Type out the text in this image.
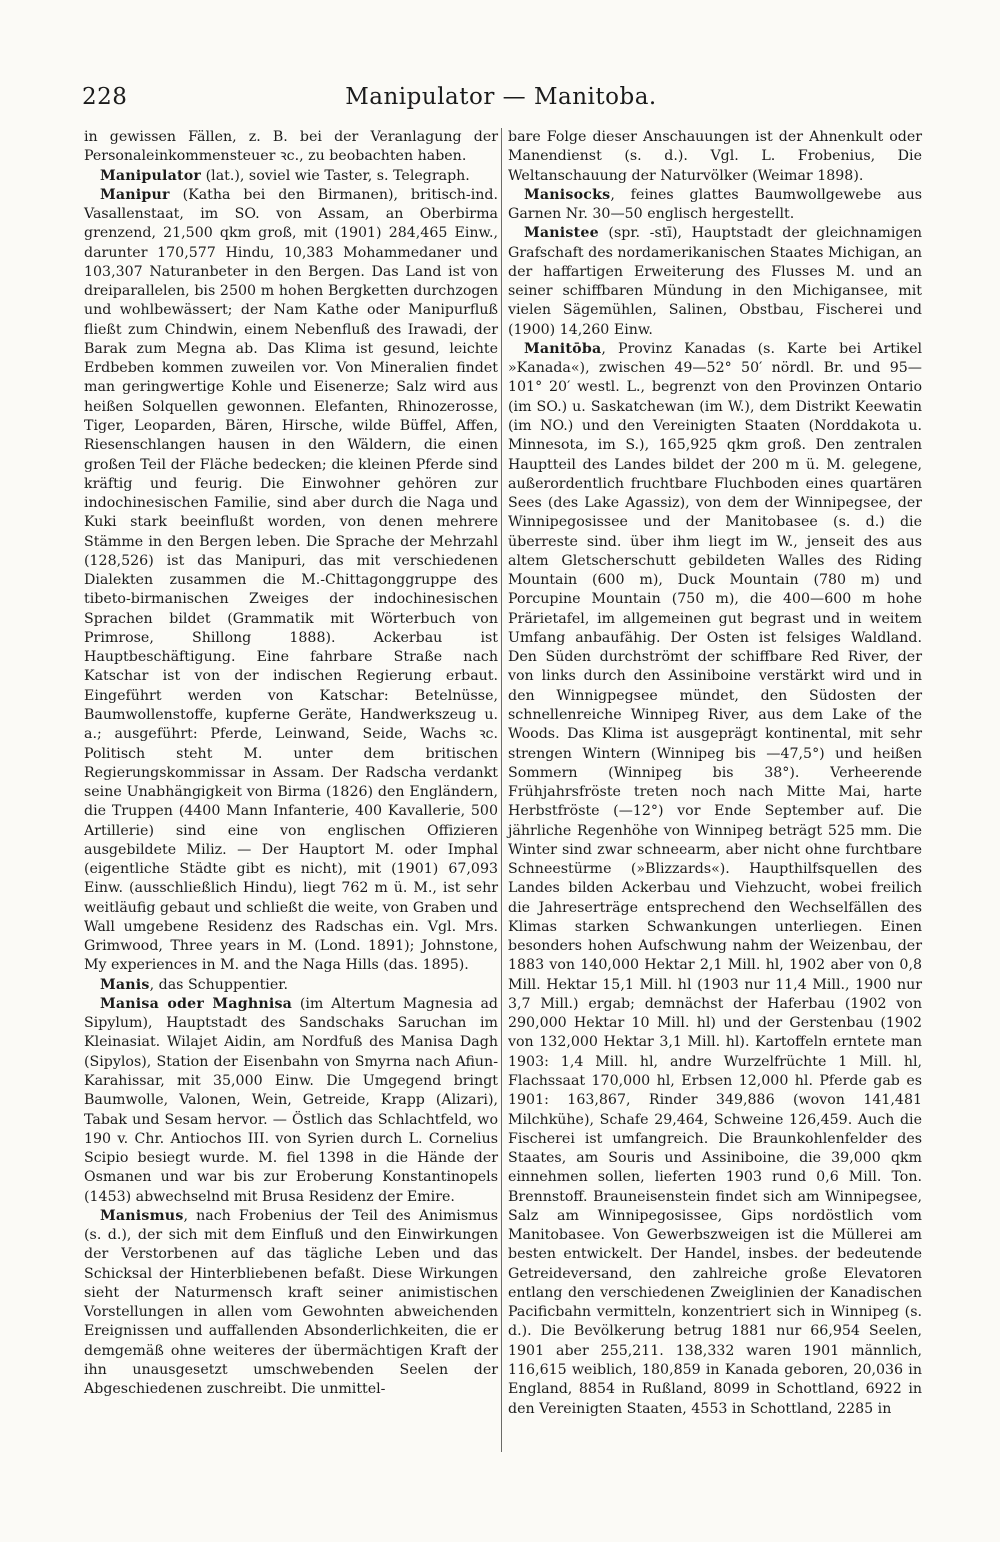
228	Manipulator — Manitoba.

in gewissen Fällen, z. B. bei der Veranlagung der Personaleinkommensteuer ꝛc., zu beobachten haben.

Manipulator (lat.), soviel wie Taster, s. Telegraph.

Manipur (Katha bei den Birmanen), britisch-ind. Vasallenstaat, im SO. von Assam, an Oberbirma grenzend, 21,500 qkm groß, mit (1901) 284,465 Einw., darunter 170,577 Hindu, 10,383 Mohammedaner und 103,307 Naturanbeter in den Bergen. Das Land ist von dreiparallelen, bis 2500 m hohen Bergketten durchzogen und wohlbewässert; der Nam Kathe oder Manipurfluß fließt zum Chindwin, einem Nebenfluß des Irawadi, der Barak zum Megna ab. Das Klima ist gesund, leichte Erdbeben kommen zuweilen vor. Von Mineralien findet man geringwertige Kohle und Eisenerze; Salz wird aus heißen Solquellen gewonnen. Elefanten, Rhinozerosse, Tiger, Leoparden, Bären, Hirsche, wilde Büffel, Affen, Riesenschlangen hausen in den Wäldern, die einen großen Teil der Fläche bedecken; die kleinen Pferde sind kräftig und feurig. Die Einwohner gehören zur indochinesischen Familie, sind aber durch die Naga und Kuki stark beeinflußt worden, von denen mehrere Stämme in den Bergen leben. Die Sprache der Mehrzahl (128,526) ist das Manipuri, das mit verschiedenen Dialekten zusammen die M.-Chittagonggruppe des tibeto-birmanischen Zweiges der indochinesischen Sprachen bildet (Grammatik mit Wörterbuch von Primrose, Shillong 1888). Ackerbau ist Hauptbeschäftigung. Eine fahrbare Straße nach Katschar ist von der indischen Regierung erbaut. Eingeführt werden von Katschar: Betelnüsse, Baumwollenstoffe, kupferne Geräte, Handwerkszeug u. a.; ausgeführt: Pferde, Leinwand, Seide, Wachs ꝛc. Politisch steht M. unter dem britischen Regierungskommissar in Assam. Der Radscha verdankt seine Unabhängigkeit von Birma (1826) den Engländern, die Truppen (4400 Mann Infanterie, 400 Kavallerie, 500 Artillerie) sind eine von englischen Offizieren ausgebildete Miliz. — Der Hauptort M. oder Imphal (eigentliche Städte gibt es nicht), mit (1901) 67,093 Einw. (ausschließlich Hindu), liegt 762 m ü. M., ist sehr weitläufig gebaut und schließt die weite, von Graben und Wall umgebene Residenz des Radschas ein. Vgl. Mrs. Grimwood, Three years in M. (Lond. 1891); Johnstone, My experiences in M. and the Naga Hills (das. 1895).

Manis, das Schuppentier.

Manisa oder Maghnisa (im Altertum Magnesia ad Sipylum), Hauptstadt des Sandschaks Saruchan im Kleinasiat. Wilajet Aidin, am Nordfuß des Manisa Dagh (Sipylos), Station der Eisenbahn von Smyrna nach Afiun-Karahissar, mit 35,000 Einw. Die Umgegend bringt Baumwolle, Valonen, Wein, Getreide, Krapp (Alizari), Tabak und Sesam hervor. — Östlich das Schlachtfeld, wo 190 v. Chr. Antiochos III. von Syrien durch L. Cornelius Scipio besiegt wurde. M. fiel 1398 in die Hände der Osmanen und war bis zur Eroberung Konstantinopels (1453) abwechselnd mit Brusa Residenz der Emire.

Manismus, nach Frobenius der Teil des Animismus (s. d.), der sich mit dem Einfluß und den Einwirkungen der Verstorbenen auf das tägliche Leben und das Schicksal der Hinterbliebenen befaßt. Diese Wirkungen sieht der Naturmensch kraft seiner animistischen Vorstellungen in allen vom Gewohnten abweichenden Ereignissen und auffallenden Absonderlichkeiten, die er demgemäß ohne weiteres der übermächtigen Kraft der ihn unausgesetzt umschwebenden Seelen der Abgeschiedenen zuschreibt. Die unmittel-

bare Folge dieser Anschauungen ist der Ahnenkult oder Manendienst (s. d.). Vgl. L. Frobenius, Die Weltanschauung der Naturvölker (Weimar 1898).

Manisocks, feines glattes Baumwollgewebe aus Garnen Nr. 30—50 englisch hergestellt.

Manistee (spr. -stī), Hauptstadt der gleichnamigen Grafschaft des nordamerikanischen Staates Michigan, an der haffartigen Erweiterung des Flusses M. und an seiner schiffbaren Mündung in den Michigansee, mit vielen Sägemühlen, Salinen, Obstbau, Fischerei und (1900) 14,260 Einw.

Manitōba, Provinz Kanadas (s. Karte bei Artikel »Kanada«), zwischen 49—52° 50′ nördl. Br. und 95—101° 20′ westl. L., begrenzt von den Provinzen Ontario (im SO.) u. Saskatchewan (im W.), dem Distrikt Keewatin (im NO.) und den Vereinigten Staaten (Norddakota u. Minnesota, im S.), 165,925 qkm groß. Den zentralen Hauptteil des Landes bildet der 200 m ü. M. gelegene, außerordentlich fruchtbare Fluchboden eines quartären Sees (des Lake Agassiz), von dem der Winnipegsee, der Winnipegosissee und der Manitobasee (s. d.) die überreste sind. über ihm liegt im W., jenseit des aus altem Gletscherschutt gebildeten Walles des Riding Mountain (600 m), Duck Mountain (780 m) und Porcupine Mountain (750 m), die 400—600 m hohe Prärietafel, im allgemeinen gut begrast und in weitem Umfang anbaufähig. Der Osten ist felsiges Waldland. Den Süden durchströmt der schiffbare Red River, der von links durch den Assiniboine verstärkt wird und in den Winnigpegsee mündet, den Südosten der schnellenreiche Winnipeg River, aus dem Lake of the Woods. Das Klima ist ausgeprägt kontinental, mit sehr strengen Wintern (Winnipeg bis —47,5°) und heißen Sommern (Winnipeg bis 38°). Verheerende Frühjahrsfröste treten noch nach Mitte Mai, harte Herbstfröste (—12°) vor Ende September auf. Die jährliche Regenhöhe von Winnipeg beträgt 525 mm. Die Winter sind zwar schneearm, aber nicht ohne furchtbare Schneestürme (»Blizzards«). Haupthilfsquellen des Landes bilden Ackerbau und Viehzucht, wobei freilich die Jahreserträge entsprechend den Wechselfällen des Klimas starken Schwankungen unterliegen. Einen besonders hohen Aufschwung nahm der Weizenbau, der 1883 von 140,000 Hektar 2,1 Mill. hl, 1902 aber von 0,8 Mill. Hektar 15,1 Mill. hl (1903 nur 11,4 Mill., 1900 nur 3,7 Mill.) ergab; demnächst der Haferbau (1902 von 290,000 Hektar 10 Mill. hl) und der Gerstenbau (1902 von 132,000 Hektar 3,1 Mill. hl). Kartoffeln erntete man 1903: 1,4 Mill. hl, andre Wurzelfrüchte 1 Mill. hl, Flachssaat 170,000 hl, Erbsen 12,000 hl. Pferde gab es 1901: 163,867, Rinder 349,886 (wovon 141,481 Milchkühe), Schafe 29,464, Schweine 126,459. Auch die Fischerei ist umfangreich. Die Braunkohlenfelder des Staates, am Souris und Assiniboine, die 39,000 qkm einnehmen sollen, lieferten 1903 rund 0,6 Mill. Ton. Brennstoff. Brauneisenstein findet sich am Winnipegsee, Salz am Winnipegosissee, Gips nordöstlich vom Manitobasee. Von Gewerbszweigen ist die Müllerei am besten entwickelt. Der Handel, insbes. der bedeutende Getreideversand, den zahlreiche große Elevatoren entlang den verschiedenen Zweiglinien der Kanadischen Pacificbahn vermitteln, konzentriert sich in Winnipeg (s. d.). Die Bevölkerung betrug 1881 nur 66,954 Seelen, 1901 aber 255,211. 138,332 waren 1901 männlich, 116,615 weiblich, 180,859 in Kanada geboren, 20,036 in England, 8854 in Rußland, 8099 in Schottland, 6922 in den Vereinigten Staaten, 4553 in Schottland, 2285 in
